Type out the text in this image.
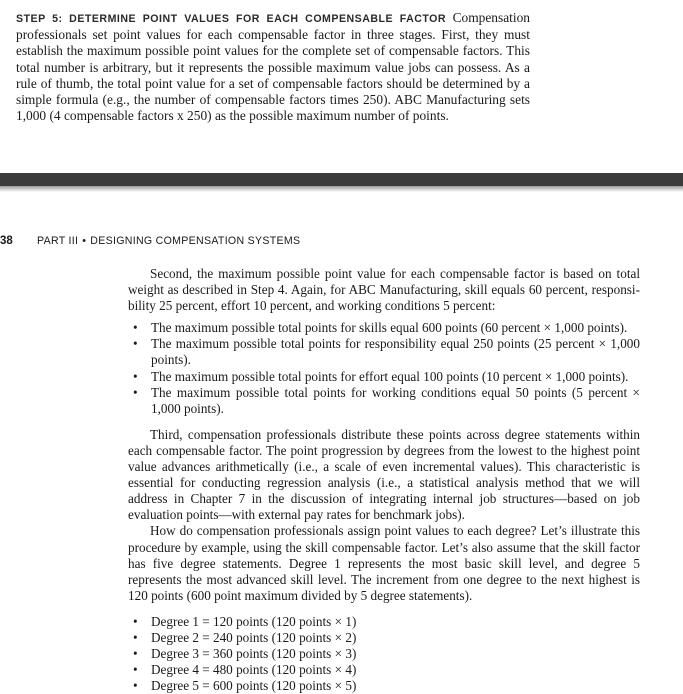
STEP 5: DETERMINE POINT VALUES FOR EACH COMPENSABLE FACTOR Compensation professionals set point values for each compensable factor in three stages. First, they must establish the maximum possible point values for the complete set of compensable factors. This total number is arbitrary, but it represents the possible maximum value jobs can possess. As a rule of thumb, the total point value for a set of compensable factors should be determined by a simple formula (e.g., the number of compensable factors times 250). ABC Manufacturing sets 1,000 (4 compensable factors x 250) as the possible maximum number of points.
38 PART III • DESIGNING COMPENSATION SYSTEMS

Second, the maximum possible point value for each compensable factor is based on total weight as described in Step 4. Again, for ABC Manufacturing, skill equals 60 percent, responsibility 25 percent, effort 10 percent, and working conditions 5 percent:

• The maximum possible total points for skills equal 600 points (60 percent × 1,000 points).
• The maximum possible total points for responsibility equal 250 points (25 percent × 1,000 points).
• The maximum possible total points for effort equal 100 points (10 percent × 1,000 points).
• The maximum possible total points for working conditions equal 50 points (5 percent × 1,000 points).

Third, compensation professionals distribute these points across degree statements within each compensable factor. The point progression by degrees from the lowest to the highest point value advances arithmetically (i.e., a scale of even incremental values). This characteristic is essential for conducting regression analysis (i.e., a statistical analysis method that we will address in Chapter 7 in the discussion of integrating internal job structures—based on job evaluation points—with external pay rates for benchmark jobs).

How do compensation professionals assign point values to each degree? Let’s illustrate this procedure by example, using the skill compensable factor. Let’s also assume that the skill factor has five degree statements. Degree 1 represents the most basic skill level, and degree 5 represents the most advanced skill level. The increment from one degree to the next highest is 120 points (600 point maximum divided by 5 degree statements).

• Degree 1 = 120 points (120 points × 1)
• Degree 2 = 240 points (120 points × 2)
• Degree 3 = 360 points (120 points × 3)
• Degree 4 = 480 points (120 points × 4)
• Degree 5 = 600 points (120 points × 5)
